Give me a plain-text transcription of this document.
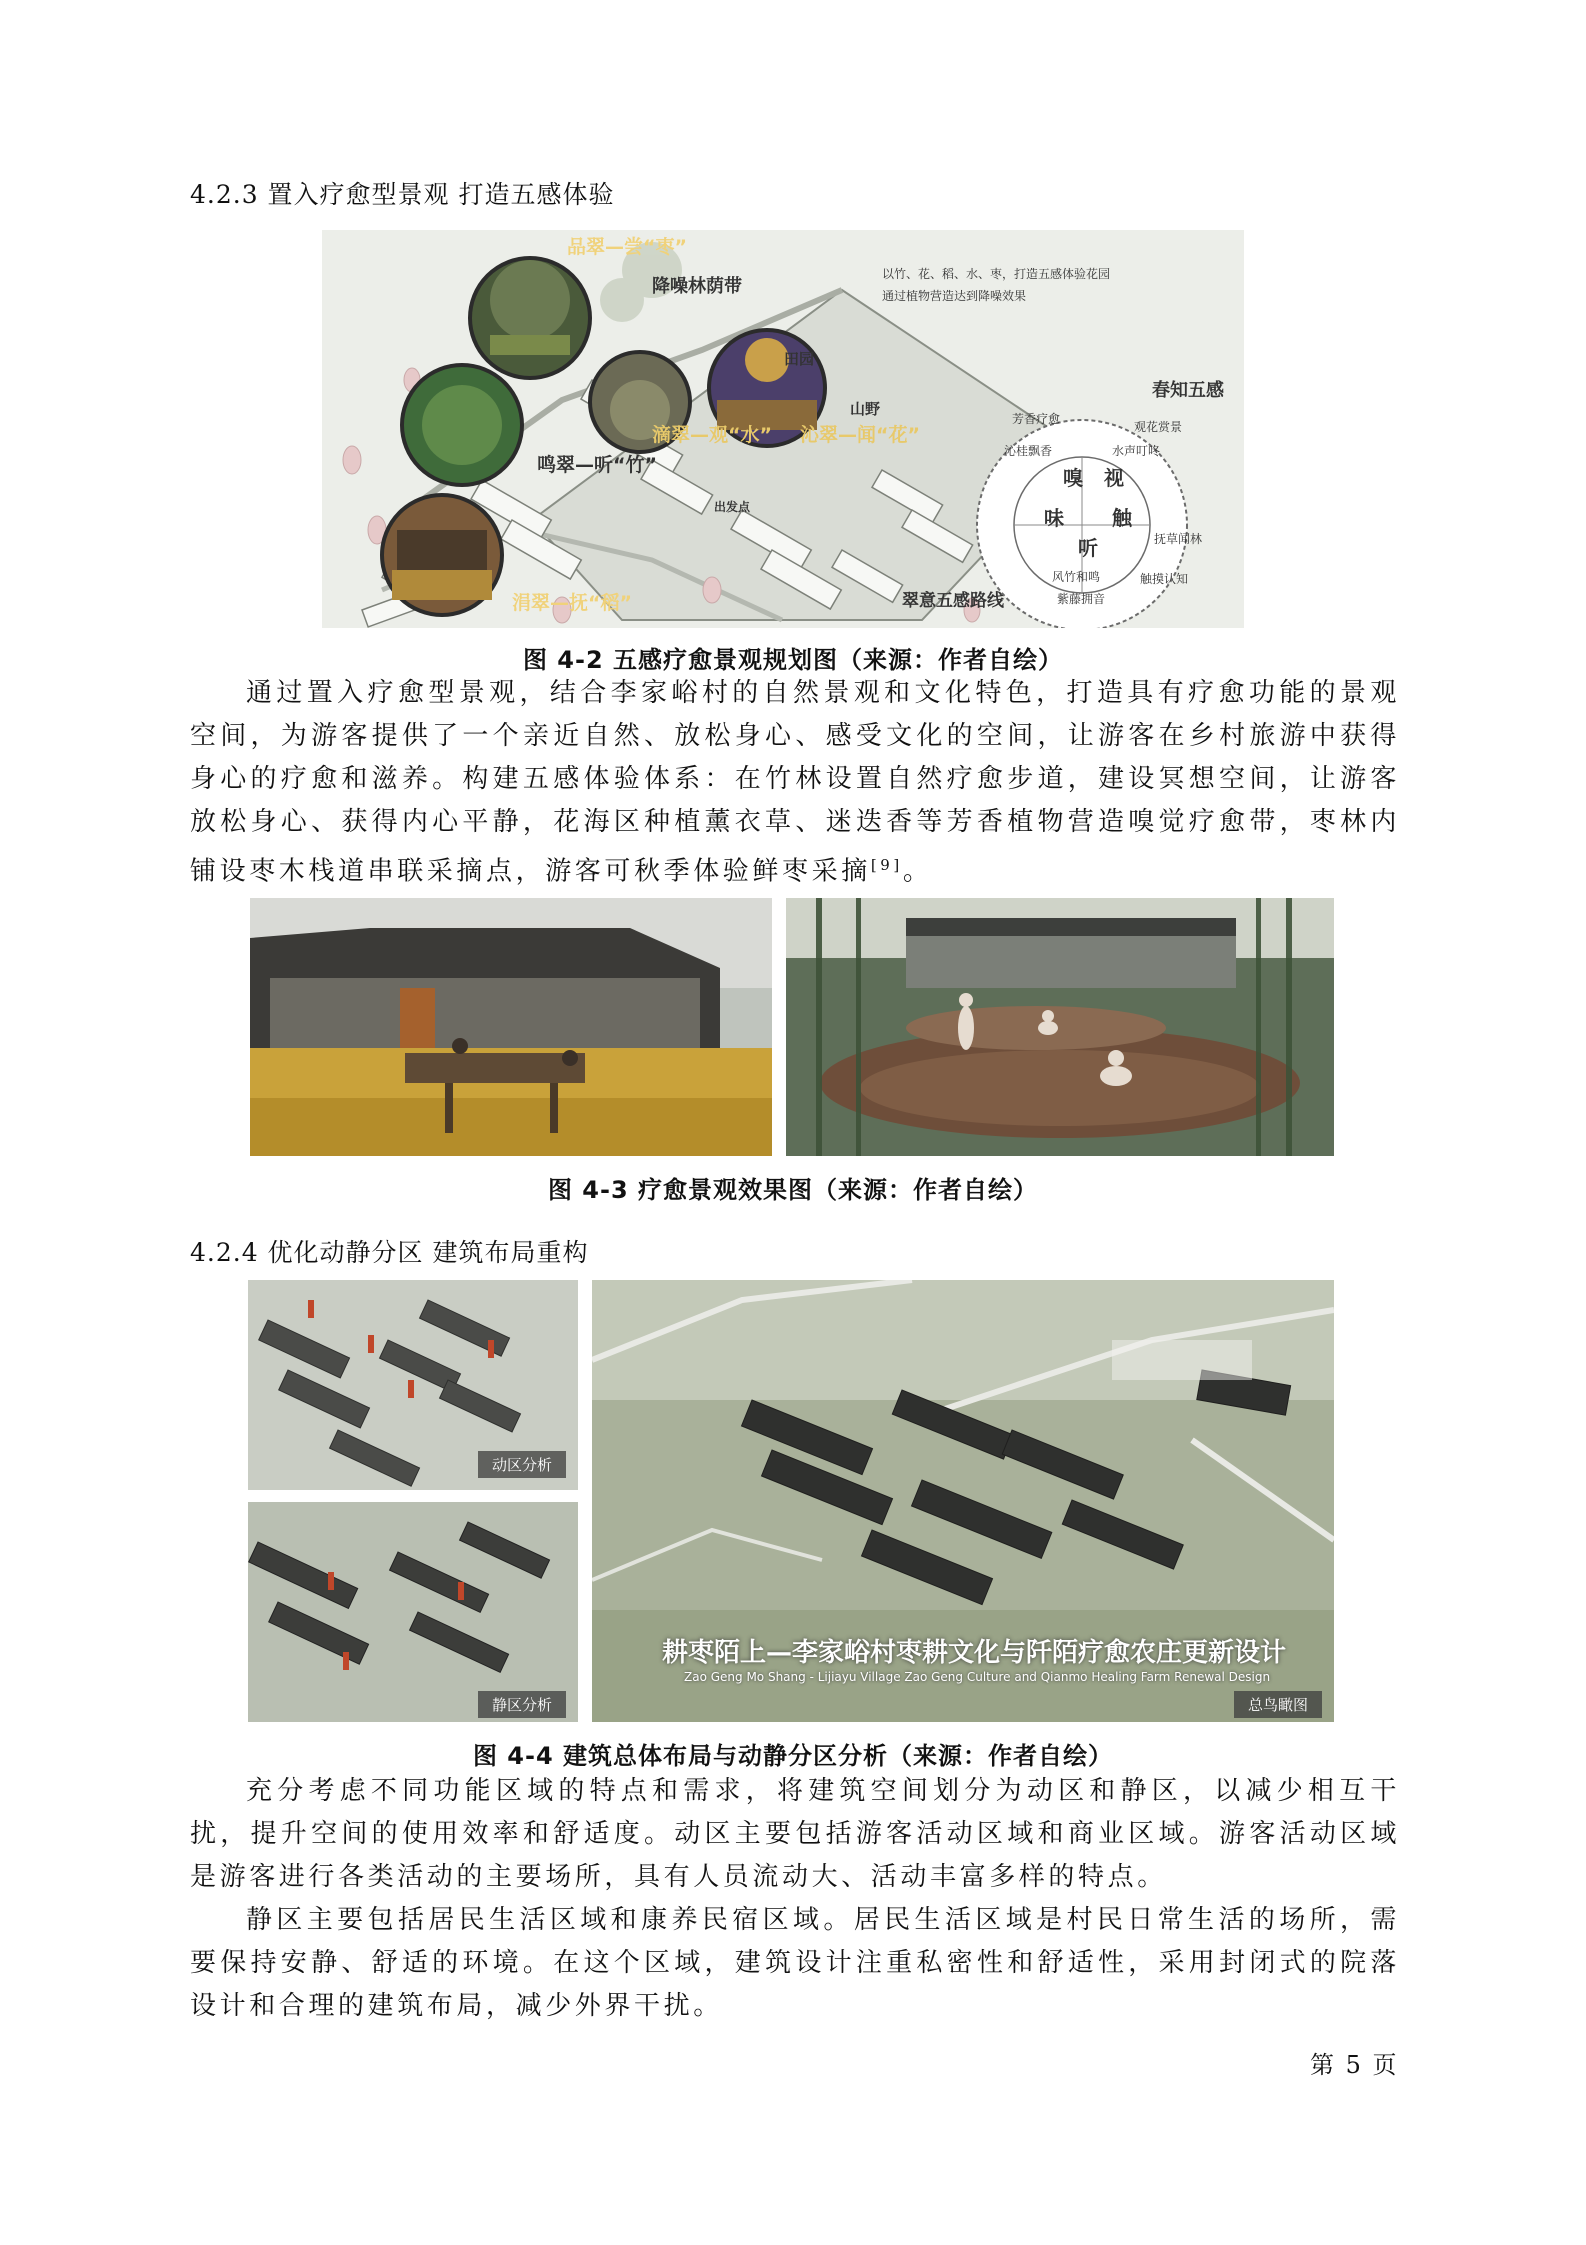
4.2.3 置入疗愈型景观 打造五感体验
品翠—尝“枣”
降噪林荫带
以竹、花、稻、水、枣，打造五感体验花园
通过植物营造达到降噪效果
田园
山野
春知五感
鸣翠—听“竹”
滴翠—观“水” 沁翠—闻“花”
出发点
涓翠—抚“稻”	翠意五感路线
嗅 视
味 触
听
芳香疗愈
观花赏景
水声叮咚
沁桂飘香
抚草闻林
触摸认知
风竹和鸣
紫藤拥音
图 4-2 五感疗愈景观规划图（来源：作者自绘）

通过置入疗愈型景观，结合李家峪村的自然景观和文化特色，打造具有疗愈功能的景观空间，为游客提供了一个亲近自然、放松身心、感受文化的空间，让游客在乡村旅游中获得身心的疗愈和滋养。构建五感体验体系：在竹林设置自然疗愈步道，建设冥想空间，让游客放松身心、获得内心平静，花海区种植薰衣草、迷迭香等芳香植物营造嗅觉疗愈带，枣林内铺设枣木栈道串联采摘点，游客可秋季体验鲜枣采摘[9]。

图 4-3 疗愈景观效果图（来源：作者自绘）
4.2.4 优化动静分区 建筑布局重构
动区分析
静区分析
耕枣陌上—李家峪村枣耕文化与阡陌疗愈农庄更新设计
Zao Geng Mo Shang - Lijiayu Village Zao Geng Culture and Qianmo Healing Farm Renewal Design
总鸟瞰图
图 4-4 建筑总体布局与动静分区分析（来源：作者自绘）

充分考虑不同功能区域的特点和需求，将建筑空间划分为动区和静区，以减少相互干扰，提升空间的使用效率和舒适度。动区主要包括游客活动区域和商业区域。游客活动区域是游客进行各类活动的主要场所，具有人员流动大、活动丰富多样的特点。

静区主要包括居民生活区域和康养民宿区域。居民生活区域是村民日常生活的场所，需要保持安静、舒适的环境。在这个区域，建筑设计注重私密性和舒适性，采用封闭式的院落设计和合理的建筑布局，减少外界干扰。

第 5 页
